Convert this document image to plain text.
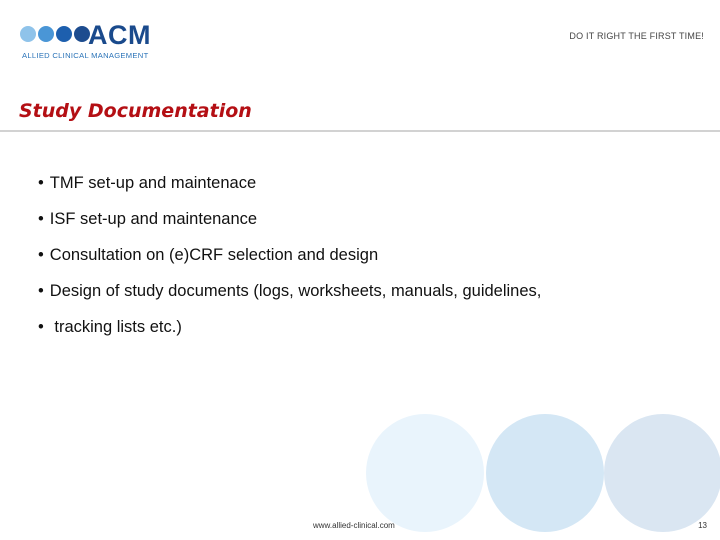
ACM
ALLIED CLINICAL MANAGEMENT
DO IT RIGHT THE FIRST TIME!
Study Documentation
• TMF set-up and maintenace
• ISF set-up and maintenance
• Consultation on (e)CRF selection and design
• Design of study documents (logs, worksheets, manuals, guidelines,
• tracking lists etc.)
www.allied-clinical.com	13
